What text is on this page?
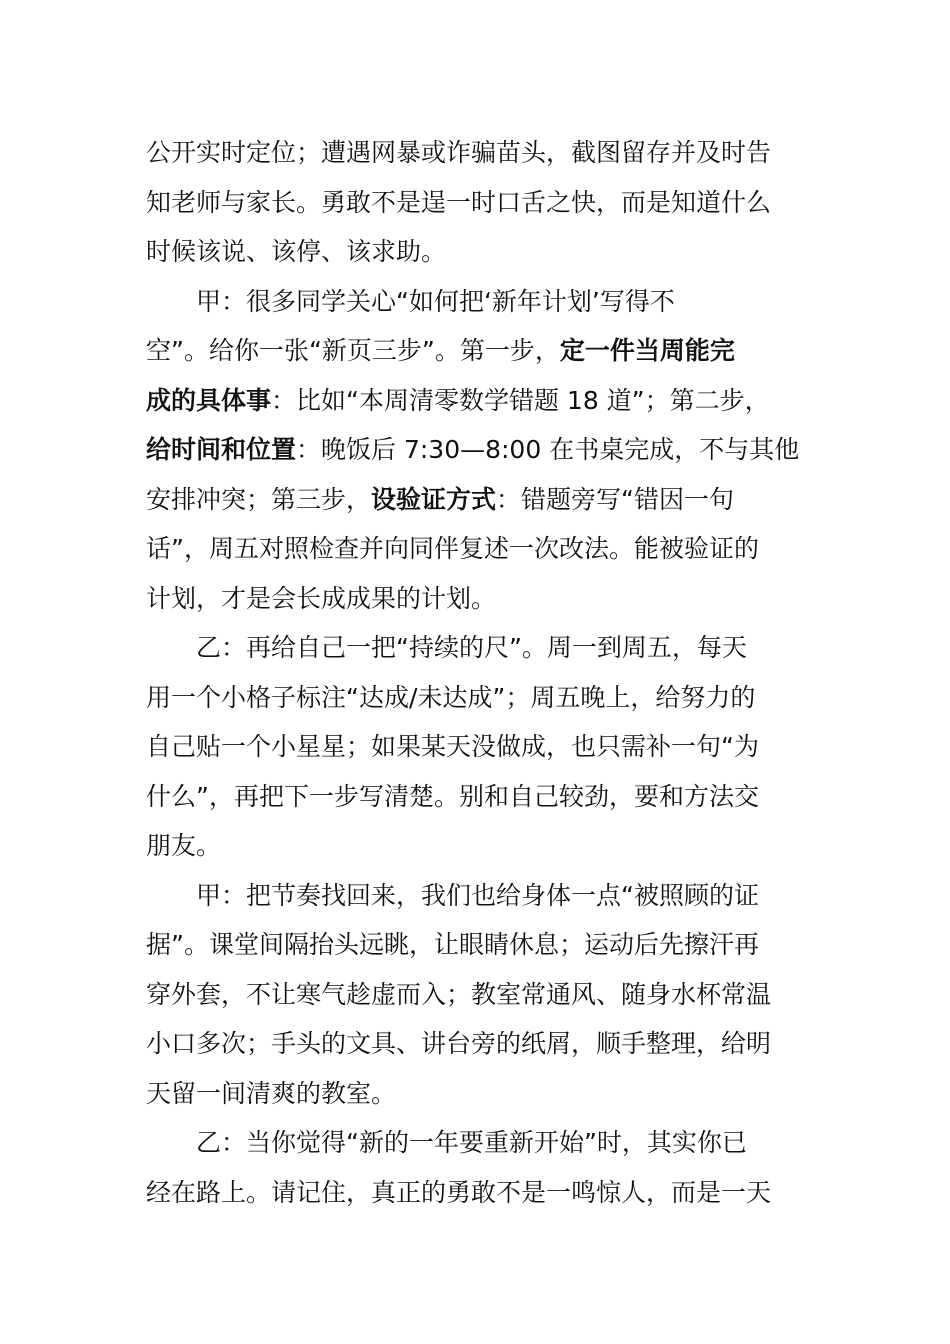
公开实时定位；遭遇网暴或诈骗苗头，截图留存并及时告
知老师与家长。勇敢不是逞一时口舌之快，而是知道什么
时候该说、该停、该求助。
甲：很多同学关心“如何把‘新年计划’写得不
空”。给你一张“新页三步”。第一步，定一件当周能完
成的具体事：比如“本周清零数学错题 18 道”；第二步，
给时间和位置：晚饭后 7:30—8:00 在书桌完成，不与其他
安排冲突；第三步，设验证方式：错题旁写“错因一句
话”，周五对照检查并向同伴复述一次改法。能被验证的
计划，才是会长成成果的计划。
乙：再给自己一把“持续的尺”。周一到周五，每天
用一个小格子标注“达成/未达成”；周五晚上，给努力的
自己贴一个小星星；如果某天没做成，也只需补一句“为
什么”，再把下一步写清楚。别和自己较劲，要和方法交
朋友。
甲：把节奏找回来，我们也给身体一点“被照顾的证
据”。课堂间隔抬头远眺，让眼睛休息；运动后先擦汗再
穿外套，不让寒气趁虚而入；教室常通风、随身水杯常温
小口多次；手头的文具、讲台旁的纸屑，顺手整理，给明
天留一间清爽的教室。
乙：当你觉得“新的一年要重新开始”时，其实你已
经在路上。请记住，真正的勇敢不是一鸣惊人，而是一天
